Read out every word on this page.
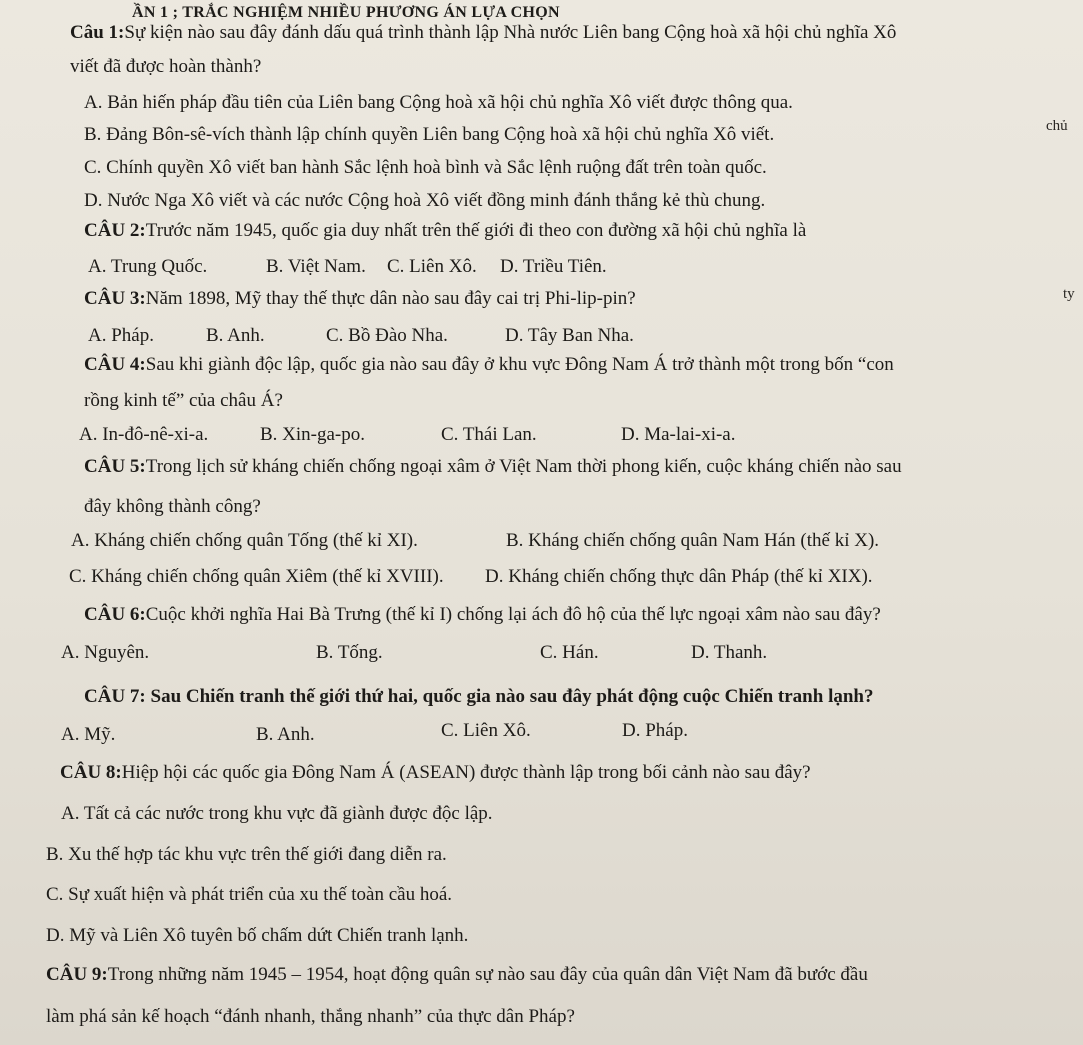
ẦN 1 ; TRẮC NGHIỆM NHIỀU PHƯƠNG ÁN LỰA CHỌN
chủ
ty
Câu 1:Sự kiện nào sau đây đánh dấu quá trình thành lập Nhà nước Liên bang Cộng hoà xã hội chủ nghĩa Xô
viết đã được hoàn thành?
A. Bản hiến pháp đầu tiên của Liên bang Cộng hoà xã hội chủ nghĩa Xô viết được thông qua.
B. Đảng Bôn-sê-vích thành lập chính quyền Liên bang Cộng hoà xã hội chủ nghĩa Xô viết.
C. Chính quyền Xô viết ban hành Sắc lệnh hoà bình và Sắc lệnh ruộng đất trên toàn quốc.
D. Nước Nga Xô viết và các nước Cộng hoà Xô viết đồng minh đánh thắng kẻ thù chung.
CÂU 2:Trước năm 1945, quốc gia duy nhất trên thế giới đi theo con đường xã hội chủ nghĩa là
A. Trung Quốc.	B. Việt Nam. C. Liên Xô. D. Triều Tiên.
CÂU 3:Năm 1898, Mỹ thay thế thực dân nào sau đây cai trị Phi-lip-pin?
A. Pháp.	B. Anh.	C. Bồ Đào Nha.	D. Tây Ban Nha.
CÂU 4:Sau khi giành độc lập, quốc gia nào sau đây ở khu vực Đông Nam Á trở thành một trong bốn “con
rồng kinh tế” của châu Á?
A. In-đô-nê-xi-a.	B. Xin-ga-po.	C. Thái Lan.	D. Ma-lai-xi-a.
CÂU 5:Trong lịch sử kháng chiến chống ngoại xâm ở Việt Nam thời phong kiến, cuộc kháng chiến nào sau
đây không thành công?
A. Kháng chiến chống quân Tống (thế kỉ XI).	B. Kháng chiến chống quân Nam Hán (thế kỉ X).
C. Kháng chiến chống quân Xiêm (thế kỉ XVIII). D. Kháng chiến chống thực dân Pháp (thế kỉ XIX).
CÂU 6:Cuộc khởi nghĩa Hai Bà Trưng (thế kỉ I) chống lại ách đô hộ của thế lực ngoại xâm nào sau đây?
A. Nguyên.	B. Tống.	C. Hán.	D. Thanh.
CÂU 7: Sau Chiến tranh thế giới thứ hai, quốc gia nào sau đây phát động cuộc Chiến tranh lạnh?
A. Mỹ.	B. Anh.	C. Liên Xô.	D. Pháp.
CÂU 8:Hiệp hội các quốc gia Đông Nam Á (ASEAN) được thành lập trong bối cảnh nào sau đây?
A. Tất cả các nước trong khu vực đã giành được độc lập.
B. Xu thế hợp tác khu vực trên thế giới đang diễn ra.
C. Sự xuất hiện và phát triển của xu thế toàn cầu hoá.
D. Mỹ và Liên Xô tuyên bố chấm dứt Chiến tranh lạnh.
CÂU 9:Trong những năm 1945 – 1954, hoạt động quân sự nào sau đây của quân dân Việt Nam đã bước đầu
làm phá sản kế hoạch “đánh nhanh, thắng nhanh” của thực dân Pháp?
